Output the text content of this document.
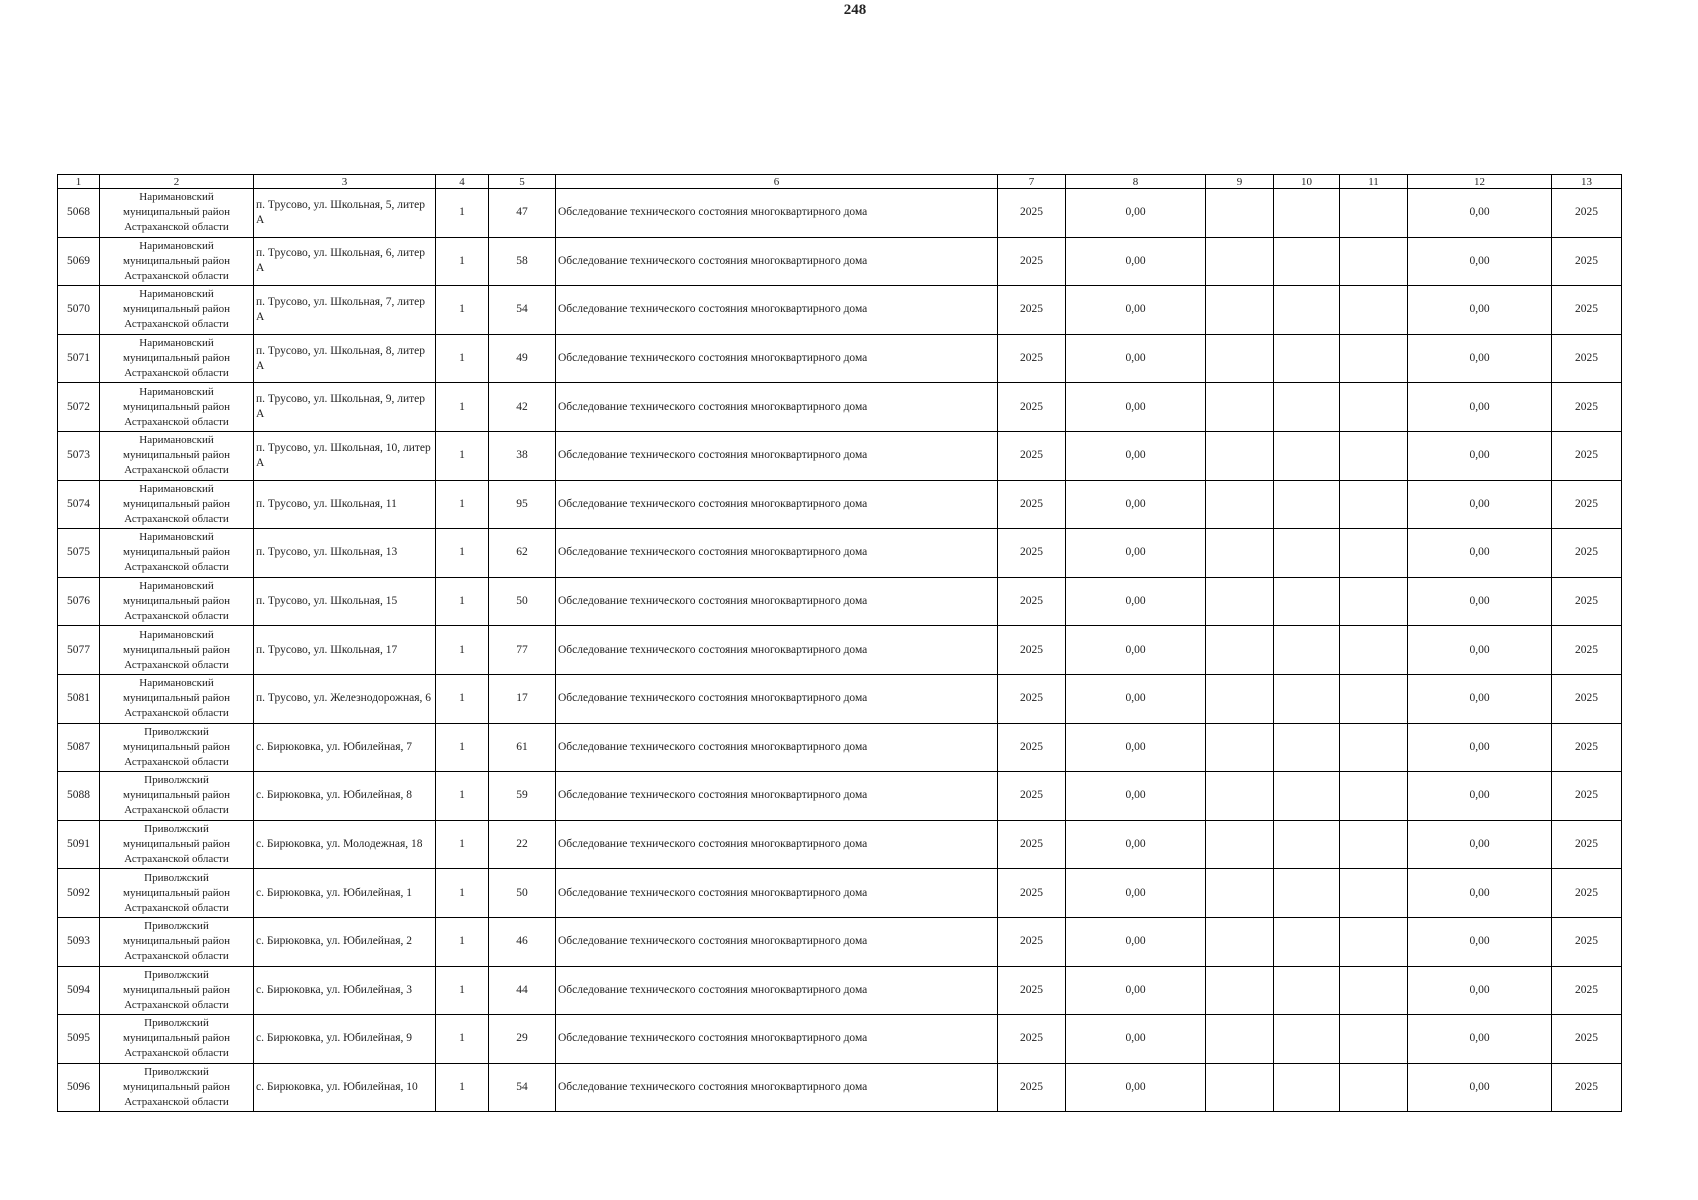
248
1	2	3	4	5	6	7	8	9	10	11	12	13
5068	Наримановский
муниципальный район
Астраханской области	п. Трусово, ул. Школьная, 5, литер А	1	47	Обследование технического состояния многоквартирного дома	2025	0,00				0,00	2025
5069	Наримановский
муниципальный район
Астраханской области	п. Трусово, ул. Школьная, 6, литер А	1	58	Обследование технического состояния многоквартирного дома	2025	0,00				0,00	2025
5070	Наримановский
муниципальный район
Астраханской области	п. Трусово, ул. Школьная, 7, литер А	1	54	Обследование технического состояния многоквартирного дома	2025	0,00				0,00	2025
5071	Наримановский
муниципальный район
Астраханской области	п. Трусово, ул. Школьная, 8, литер А	1	49	Обследование технического состояния многоквартирного дома	2025	0,00				0,00	2025
5072	Наримановский
муниципальный район
Астраханской области	п. Трусово, ул. Школьная, 9, литер А	1	42	Обследование технического состояния многоквартирного дома	2025	0,00				0,00	2025
5073	Наримановский
муниципальный район
Астраханской области	п. Трусово, ул. Школьная, 10, литер А	1	38	Обследование технического состояния многоквартирного дома	2025	0,00				0,00	2025
5074	Наримановский
муниципальный район
Астраханской области	п. Трусово, ул. Школьная, 11	1	95	Обследование технического состояния многоквартирного дома	2025	0,00				0,00	2025
5075	Наримановский
муниципальный район
Астраханской области	п. Трусово, ул. Школьная, 13	1	62	Обследование технического состояния многоквартирного дома	2025	0,00				0,00	2025
5076	Наримановский
муниципальный район
Астраханской области	п. Трусово, ул. Школьная, 15	1	50	Обследование технического состояния многоквартирного дома	2025	0,00				0,00	2025
5077	Наримановский
муниципальный район
Астраханской области	п. Трусово, ул. Школьная, 17	1	77	Обследование технического состояния многоквартирного дома	2025	0,00				0,00	2025
5081	Наримановский
муниципальный район
Астраханской области	п. Трусово, ул. Железнодорожная, 6	1	17	Обследование технического состояния многоквартирного дома	2025	0,00				0,00	2025
5087	Приволжский
муниципальный район
Астраханской области	с. Бирюковка, ул. Юбилейная, 7	1	61	Обследование технического состояния многоквартирного дома	2025	0,00				0,00	2025
5088	Приволжский
муниципальный район
Астраханской области	с. Бирюковка, ул. Юбилейная, 8	1	59	Обследование технического состояния многоквартирного дома	2025	0,00				0,00	2025
5091	Приволжский
муниципальный район
Астраханской области	с. Бирюковка, ул. Молодежная, 18	1	22	Обследование технического состояния многоквартирного дома	2025	0,00				0,00	2025
5092	Приволжский
муниципальный район
Астраханской области	с. Бирюковка, ул. Юбилейная, 1	1	50	Обследование технического состояния многоквартирного дома	2025	0,00				0,00	2025
5093	Приволжский
муниципальный район
Астраханской области	с. Бирюковка, ул. Юбилейная, 2	1	46	Обследование технического состояния многоквартирного дома	2025	0,00				0,00	2025
5094	Приволжский
муниципальный район
Астраханской области	с. Бирюковка, ул. Юбилейная, 3	1	44	Обследование технического состояния многоквартирного дома	2025	0,00				0,00	2025
5095	Приволжский
муниципальный район
Астраханской области	с. Бирюковка, ул. Юбилейная, 9	1	29	Обследование технического состояния многоквартирного дома	2025	0,00				0,00	2025
5096	Приволжский
муниципальный район
Астраханской области	с. Бирюковка, ул. Юбилейная, 10	1	54	Обследование технического состояния многоквартирного дома	2025	0,00				0,00	2025
